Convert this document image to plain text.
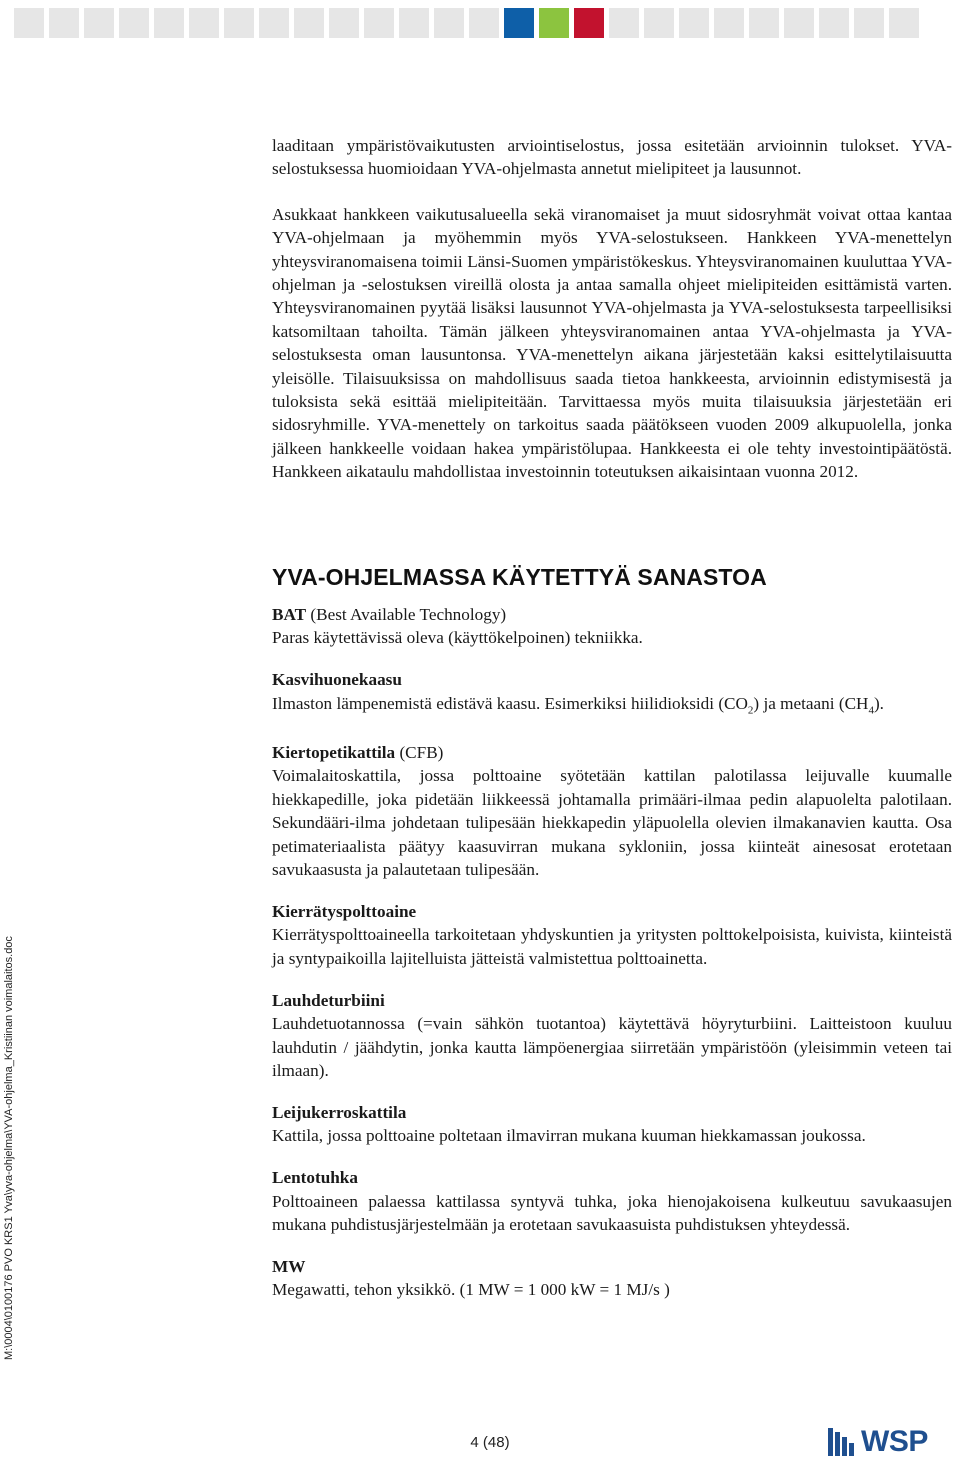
laaditaan ympäristövaikutusten arviointiselostus, jossa esitetään arvioinnin tulokset. YVA-selostuksessa huomioidaan YVA-ohjelmasta annetut mielipiteet ja lausunnot.

Asukkaat hankkeen vaikutusalueella sekä viranomaiset ja muut sidosryhmät voivat ottaa kantaa YVA-ohjelmaan ja myöhemmin myös YVA-selostukseen. Hankkeen YVA-menettelyn yhteysviranomaisena toimii Länsi-Suomen ympäristökeskus. Yhteysviranomainen kuuluttaa YVA-ohjelman ja -selostuksen vireillä olosta ja antaa samalla ohjeet mielipiteiden esittämistä varten. Yhteysviranomainen pyytää lisäksi lausunnot YVA-ohjelmasta ja YVA-selostuksesta tarpeellisiksi katsomiltaan tahoilta. Tämän jälkeen yhteysviranomainen antaa YVA-ohjelmasta ja YVA-selostuksesta oman lausuntonsa. YVA-menettelyn aikana järjestetään kaksi esittelytilaisuutta yleisölle. Tilaisuuksissa on mahdollisuus saada tietoa hankkeesta, arvioinnin edistymisestä ja tuloksista sekä esittää mielipiteitään. Tarvittaessa myös muita tilaisuuksia järjestetään eri sidosryhmille. YVA-menettely on tarkoitus saada päätökseen vuoden 2009 alkupuolella, jonka jälkeen hankkeelle voidaan hakea ympäristölupaa. Hankkeesta ei ole tehty investointipäätöstä. Hankkeen aikataulu mahdollistaa investoinnin toteutuksen aikaisintaan vuonna 2012.

YVA-OHJELMASSA KÄYTETTYÄ SANASTOA

BAT (Best Available Technology)

Paras käytettävissä oleva (käyttökelpoinen) tekniikka.

Kasvihuonekaasu

Ilmaston lämpenemistä edistävä kaasu. Esimerkiksi hiilidioksidi $(CO_2)$ ja metaani $(CH_4)$.

Kiertopetikattila (CFB)

Voimalaitoskattila, jossa polttoaine syötetään kattilan palotilassa leijuvalle kuumalle hiekkapedille, joka pidetään liikkeessä johtamalla primääri-ilmaa pedin alapuolelta palotilaan. Sekundääri-ilma johdetaan tulipesään hiekkapedin yläpuolella olevien ilmakanavien kautta. Osa petimateriaalista päätyy kaasuvirran mukana sykloniin, jossa kiinteät ainesosat erotetaan savukaasusta ja palautetaan tulipesään.

Kierrätyspolttoaine

Kierrätyspolttoaineella tarkoitetaan yhdyskuntien ja yritysten polttokelpoisista, kuivista, kiinteistä ja syntypaikoilla lajitelluista jätteistä valmistettua polttoainetta.

Lauhdeturbiini

Lauhdetuotannossa (=vain sähkön tuotantoa) käytettävä höyryturbiini. Laitteistoon kuuluu lauhdutin / jäähdytin, jonka kautta lämpöenergiaa siirretään ympäristöön (yleisimmin veteen tai ilmaan).

Leijukerroskattila

Kattila, jossa polttoaine poltetaan ilmavirran mukana kuuman hiekkamassan joukossa.

Lentotuhka

Polttoaineen palaessa kattilassa syntyvä tuhka, joka hienojakoisena kulkeutuu savukaasujen mukana puhdistusjärjestelmään ja erotetaan savukaasuista puhdistuksen yhteydessä.

MW

Megawatti, tehon yksikkö. (1 MW = 1 000 kW = 1 MJ/s )

M:\0004\0100176 PVO KRS1 Yva\yva-ohjelma\YVA-ohjelma_Kristiinan voimalaitos.doc
4 (48)	WSP
